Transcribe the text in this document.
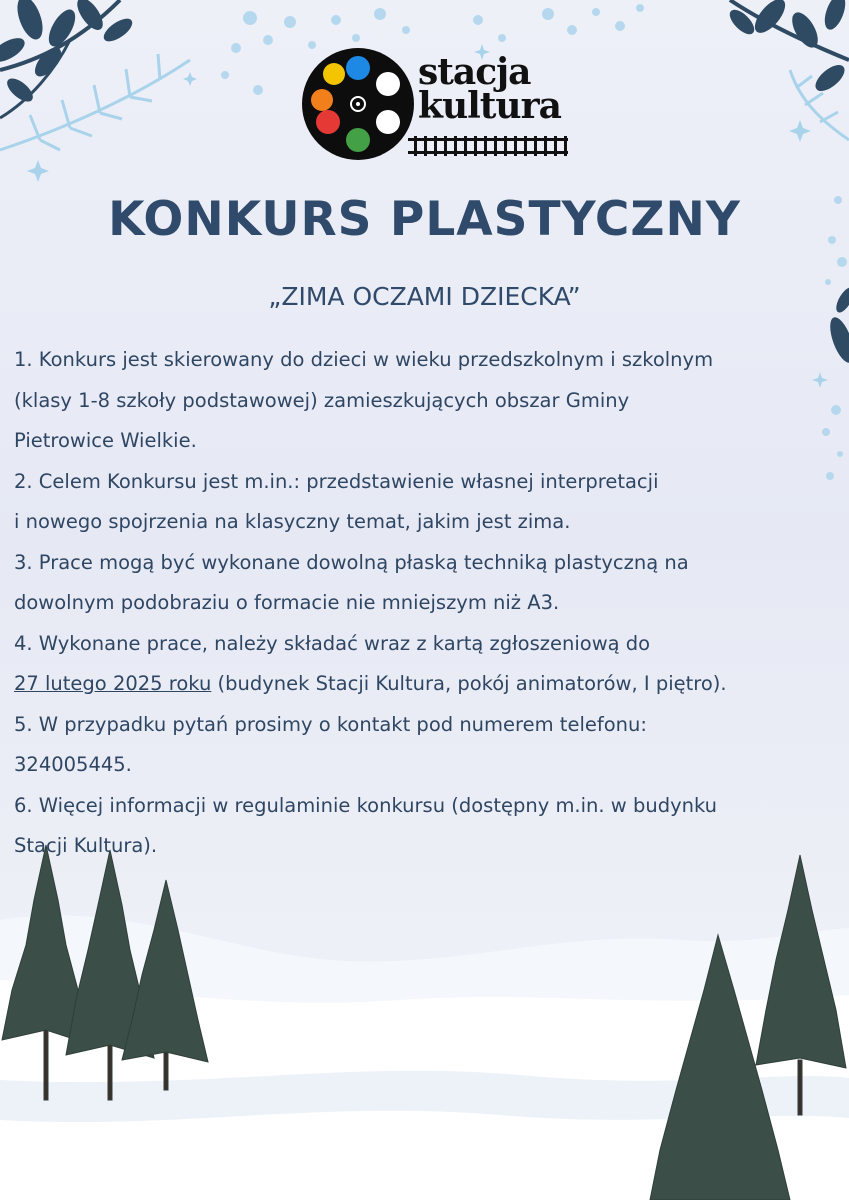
stacja
kultura
KONKURS PLASTYCZNY
„ZIMA OCZAMI DZIECKA”
1. Konkurs jest skierowany do dzieci w wieku przedszkolnym i szkolnym
(klasy 1-8 szkoły podstawowej) zamieszkujących obszar Gminy
Pietrowice Wielkie.
2. Celem Konkursu jest m.in.: przedstawienie własnej interpretacji
i nowego spojrzenia na klasyczny temat, jakim jest zima.
3. Prace mogą być wykonane dowolną płaską techniką plastyczną na
dowolnym podobraziu o formacie nie mniejszym niż A3.
4. Wykonane prace, należy składać wraz z kartą zgłoszeniową do
27 lutego 2025 roku (budynek Stacji Kultura, pokój animatorów, I piętro).
5. W przypadku pytań prosimy o kontakt pod numerem telefonu:
324005445.
6. Więcej informacji w regulaminie konkursu (dostępny m.in. w budynku
Stacji Kultura).
